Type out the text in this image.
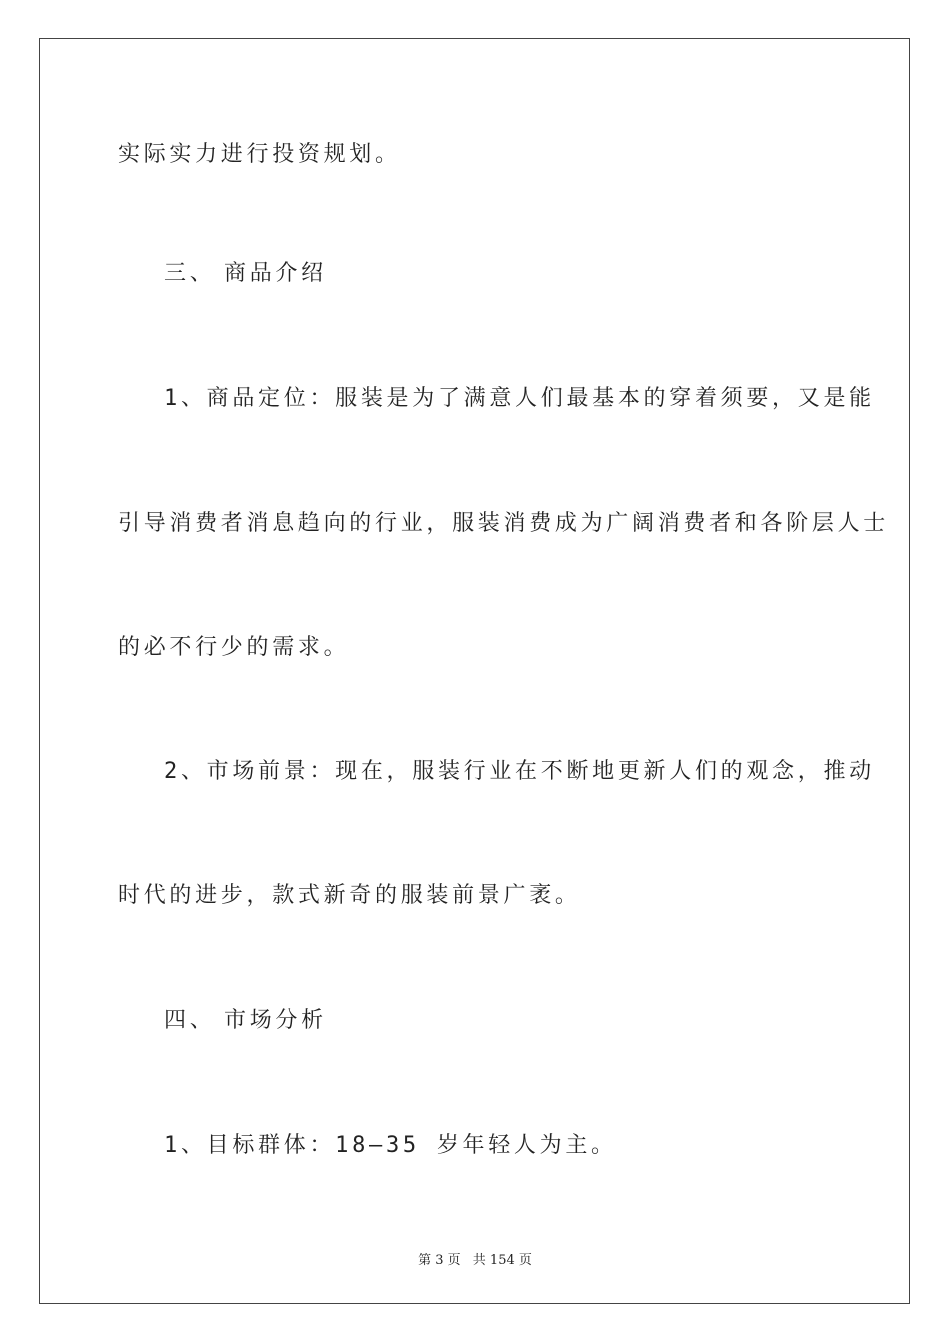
实际实力进行投资规划。

三、 商品介绍

1、商品定位：服装是为了满意人们最基本的穿着须要，又是能

引导消费者消息趋向的行业，服装消费成为广阔消费者和各阶层人士

的必不行少的需求。

2、市场前景：现在，服装行业在不断地更新人们的观念，推动

时代的进步，款式新奇的服装前景广袤。

四、 市场分析

1、目标群体：18—35 岁年轻人为主。

第 3 页 共 154 页
